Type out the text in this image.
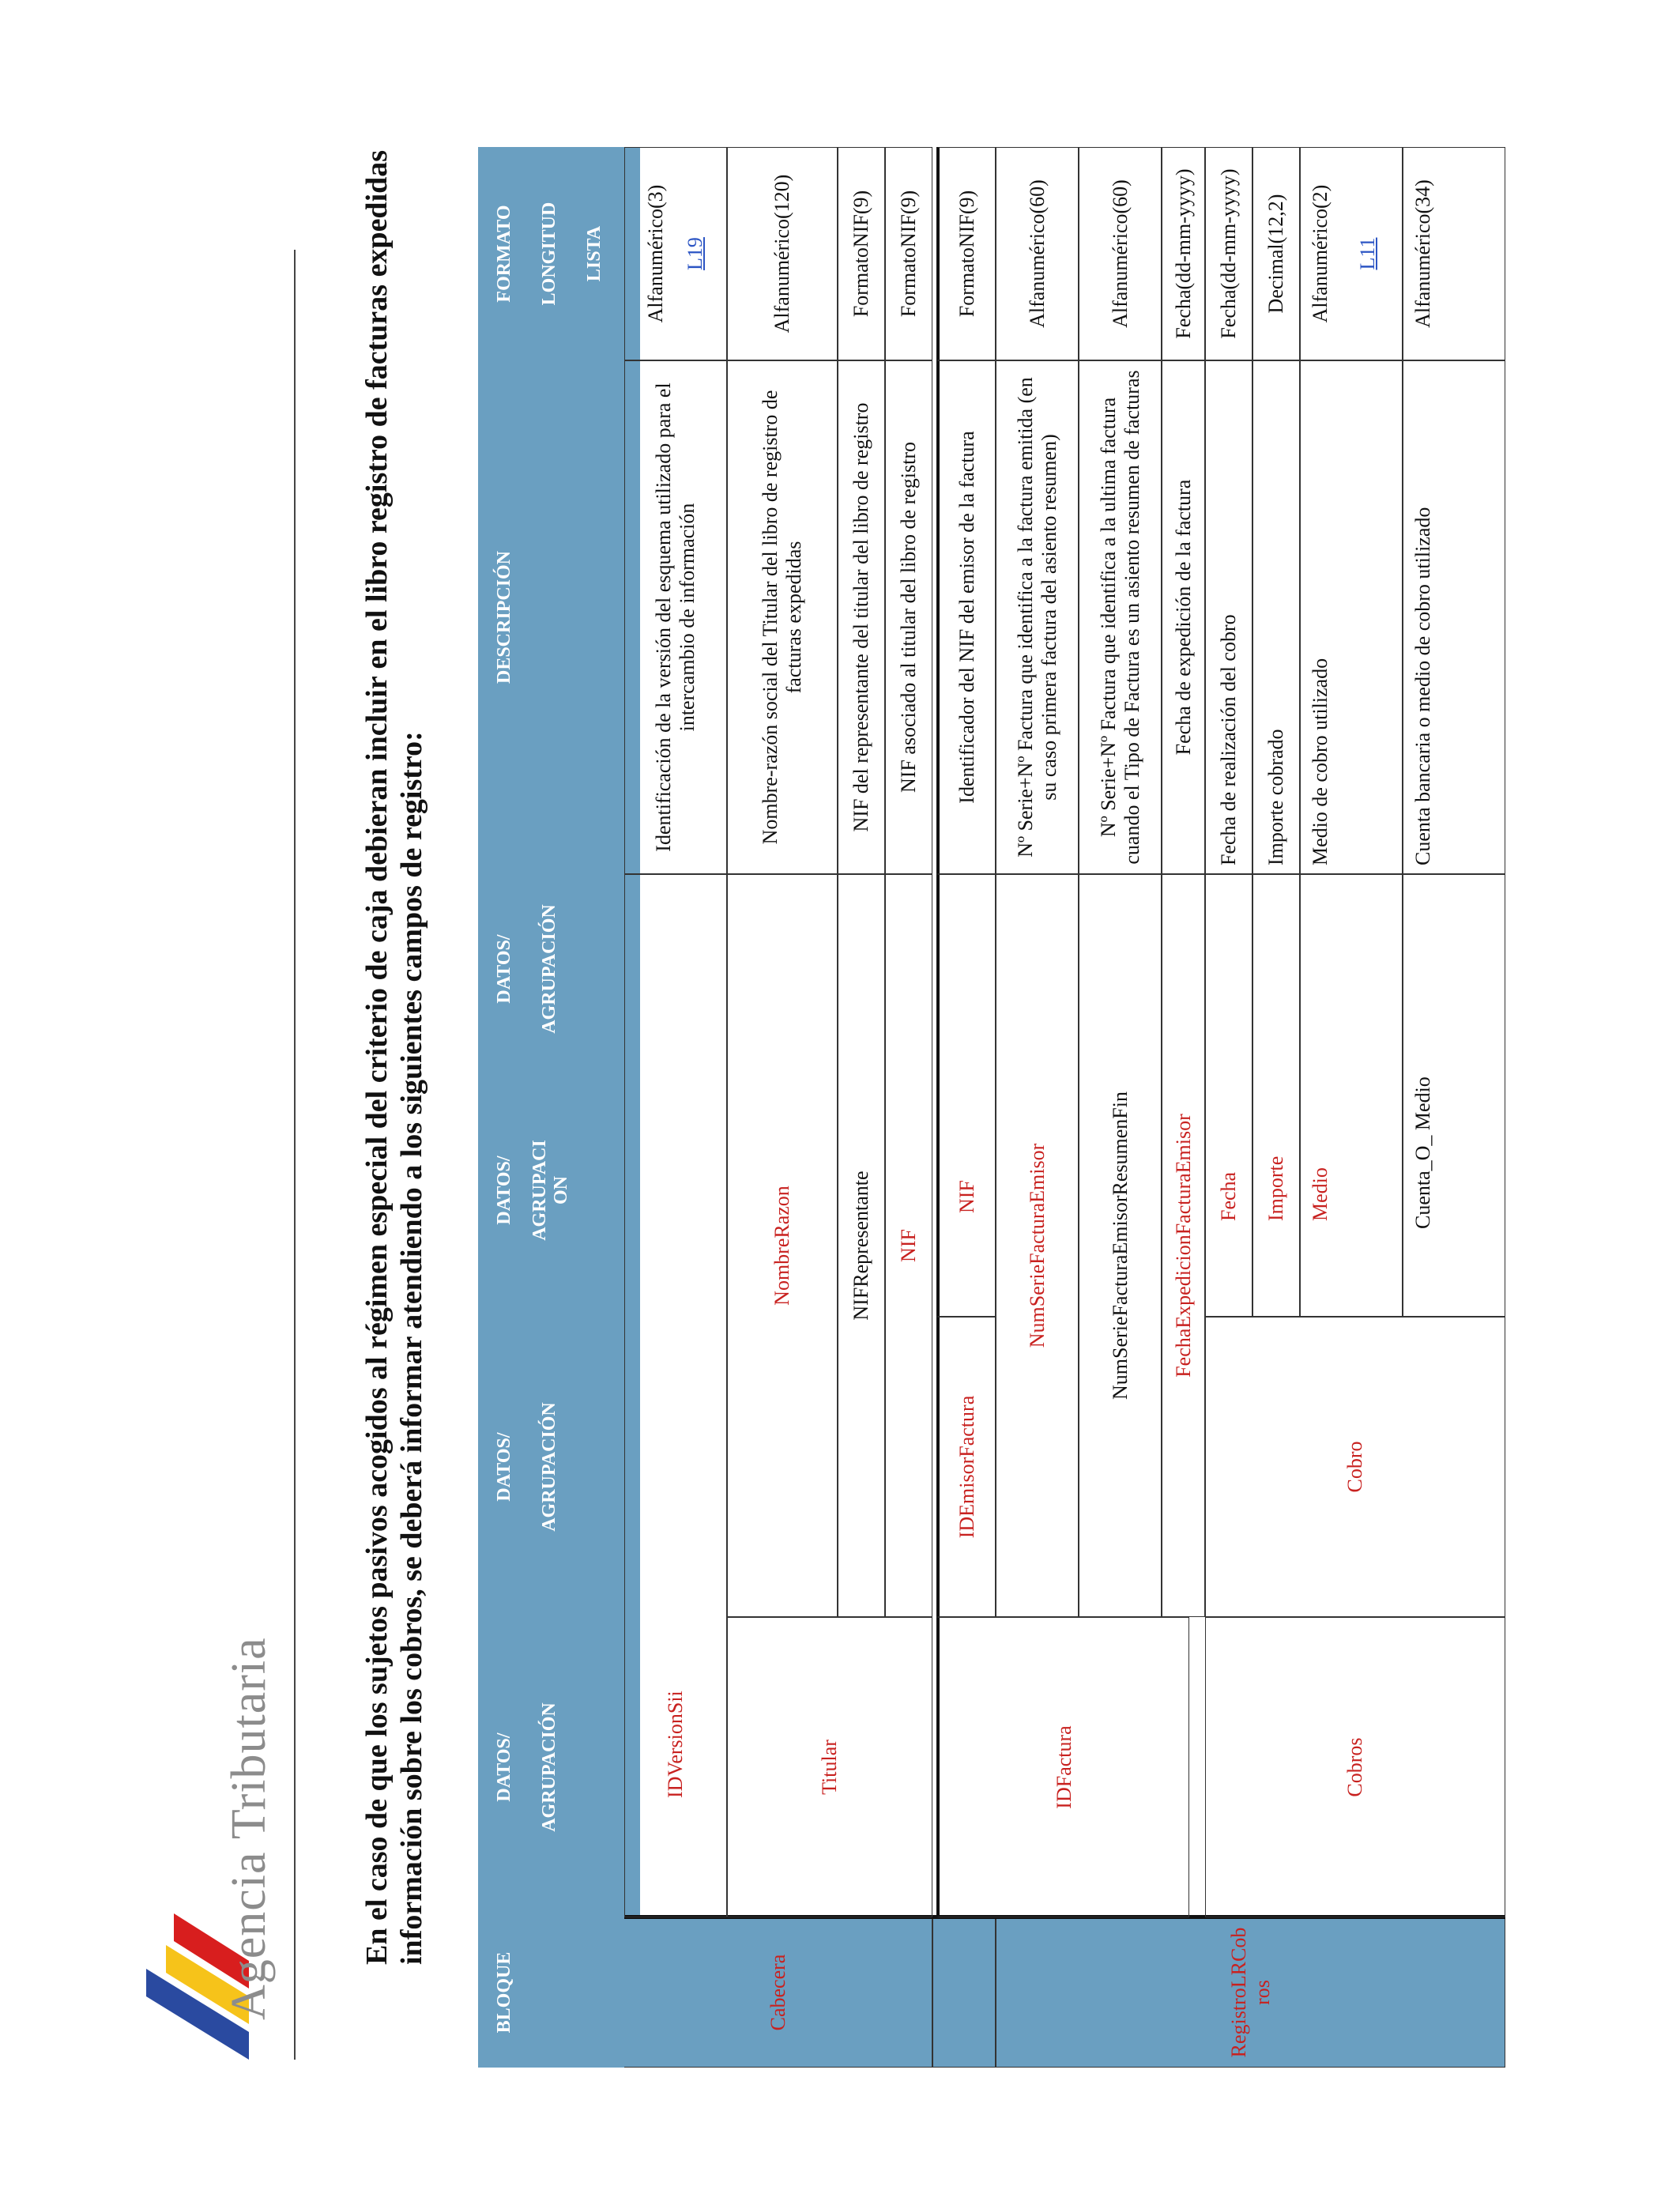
Agencia Tributaria	En el caso de que los sujetos pasivos acogidos al régimen especial del criterio de caja debieran incluir en el libro registro de facturas expedidas información sobre los cobros, se deberá informar atendiendo a los siguientes campos de registro:
BLOQUE
DATOS/ AGRUPACIÓN
DATOS/ AGRUPACIÓN
DATOS/ AGRUPACI ON
DATOS/ AGRUPACIÓN
DESCRIPCIÓN
FORMATO LONGITUD LISTA
Cabecera	RegistroLRCobros
IDVersionSii
Identificación de la versión del esquema utilizado para el intercambio de información
Alfanumérico(3) L19
Titular
NombreRazon
Nombre-razón social del Titular del libro de registro de facturas expedidas
Alfanumérico(120)
NIFRepresentante
NIF del representante del titular del libro de registro
FormatoNIF(9)
NIF
NIF asociado al titular del libro de registro
FormatoNIF(9)
IDFactura
IDEmisorFactura
NIF
Identificador del NIF del emisor de la factura
FormatoNIF(9)
NumSerieFacturaEmisor
Nº Serie+Nº Factura que identifica a la factura emitida (en su caso primera factura del asiento resumen)
Alfanumérico(60)
NumSerieFacturaEmisorResumenFin
Nº Serie+Nº Factura que identifica a la ultima factura cuando el Tipo de Factura es un asiento resumen de facturas
Alfanumérico(60)
FechaExpedicionFacturaEmisor
Fecha de expedición de la factura
Fecha(dd-mm-yyyy)
Cobros
Cobro
Fecha
Fecha de realización del cobro
Fecha(dd-mm-yyyy)
Importe
Importe cobrado
Decimal(12,2)
Medio
Medio de cobro utilizado
Alfanumérico(2) L11
Cuenta_O_ Medio
Cuenta bancaria o medio de cobro utilizado
Alfanumérico(34)
